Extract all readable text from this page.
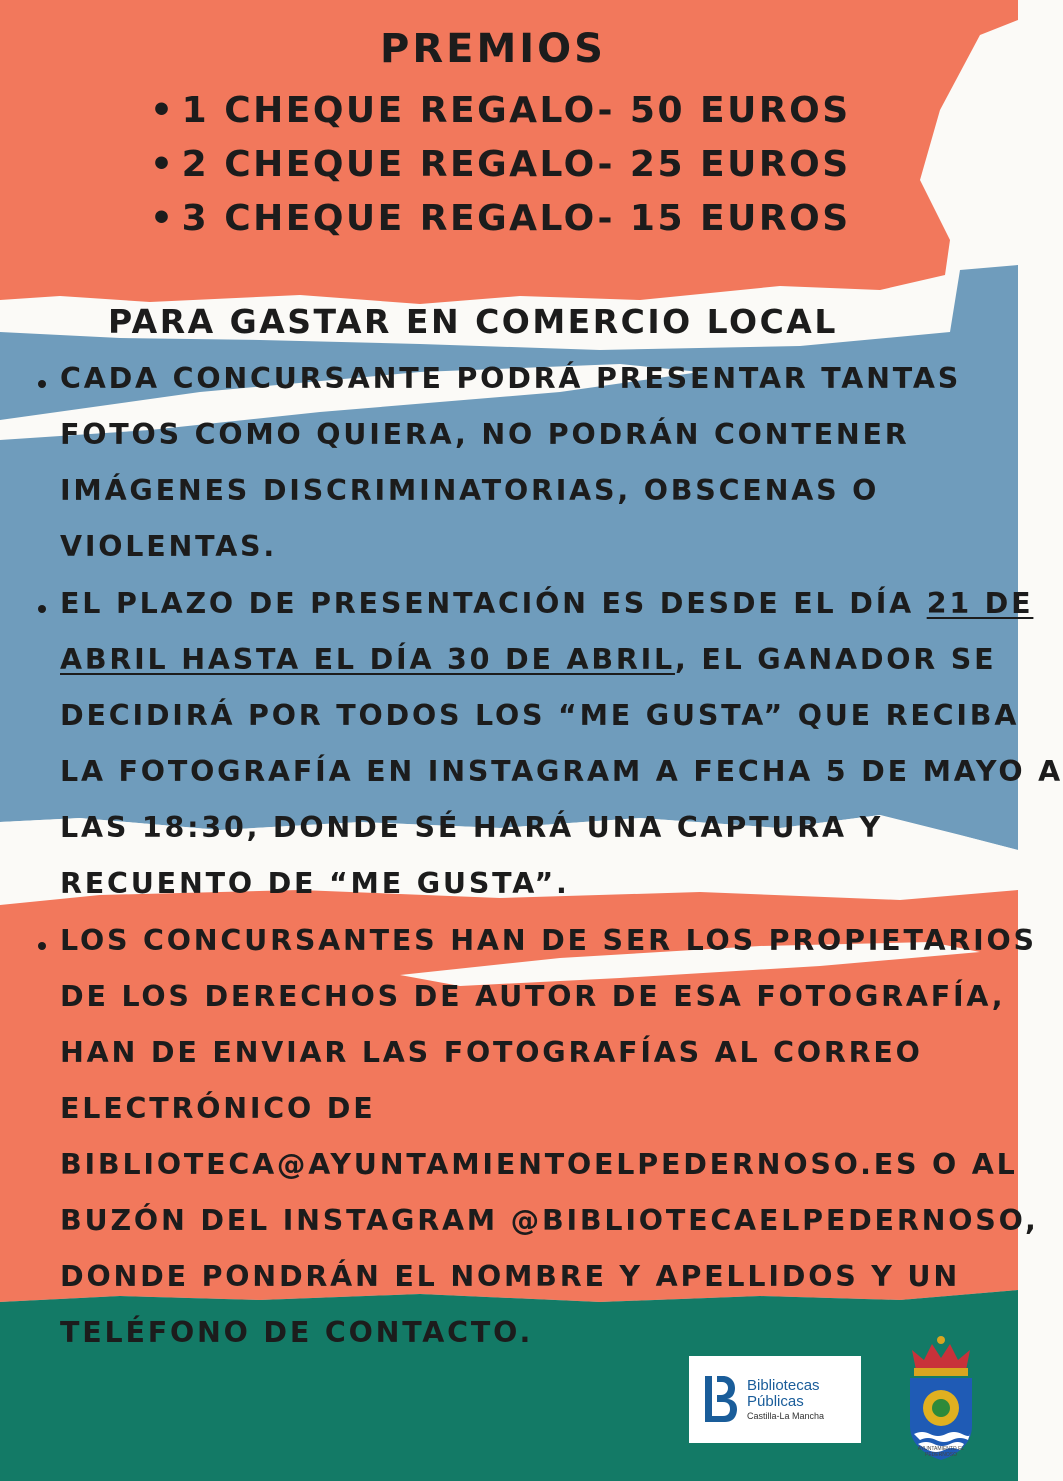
PREMIOS
• 1 CHEQUE REGALO- 50 EUROS
• 2 CHEQUE REGALO- 25 EUROS
• 3 CHEQUE REGALO- 15 EUROS
PARA GASTAR EN COMERCIO LOCAL
CADA CONCURSANTE PODRÁ PRESENTAR TANTAS
FOTOS COMO QUIERA, NO PODRÁN CONTENER
IMÁGENES DISCRIMINATORIAS, OBSCENAS O
VIOLENTAS.
EL PLAZO DE PRESENTACIÓN ES DESDE EL DÍA 21 DE
ABRIL HASTA EL DÍA 30 DE ABRIL, EL GANADOR SE
DECIDIRÁ POR TODOS LOS “ME GUSTA” QUE RECIBA
LA FOTOGRAFÍA EN INSTAGRAM A FECHA 5 DE MAYO A
LAS 18:30, DONDE SÉ HARÁ UNA CAPTURA Y
RECUENTO DE “ME GUSTA”.
LOS CONCURSANTES HAN DE SER LOS PROPIETARIOS
DE LOS DERECHOS DE AUTOR DE ESA FOTOGRAFÍA,
HAN DE ENVIAR LAS FOTOGRAFÍAS AL CORREO
ELECTRÓNICO DE
BIBLIOTECA@AYUNTAMIENTOELPEDERNOSO.ES O AL
BUZÓN DEL INSTAGRAM @BIBLIOTECAELPEDERNOSO,
DONDE PONDRÁN EL NOMBRE Y APELLIDOS Y UN
TELÉFONO DE CONTACTO.
Bibliotecas
Públicas
Castilla-La Mancha
AYUNTAMIENTO EL PEDERNOSO
